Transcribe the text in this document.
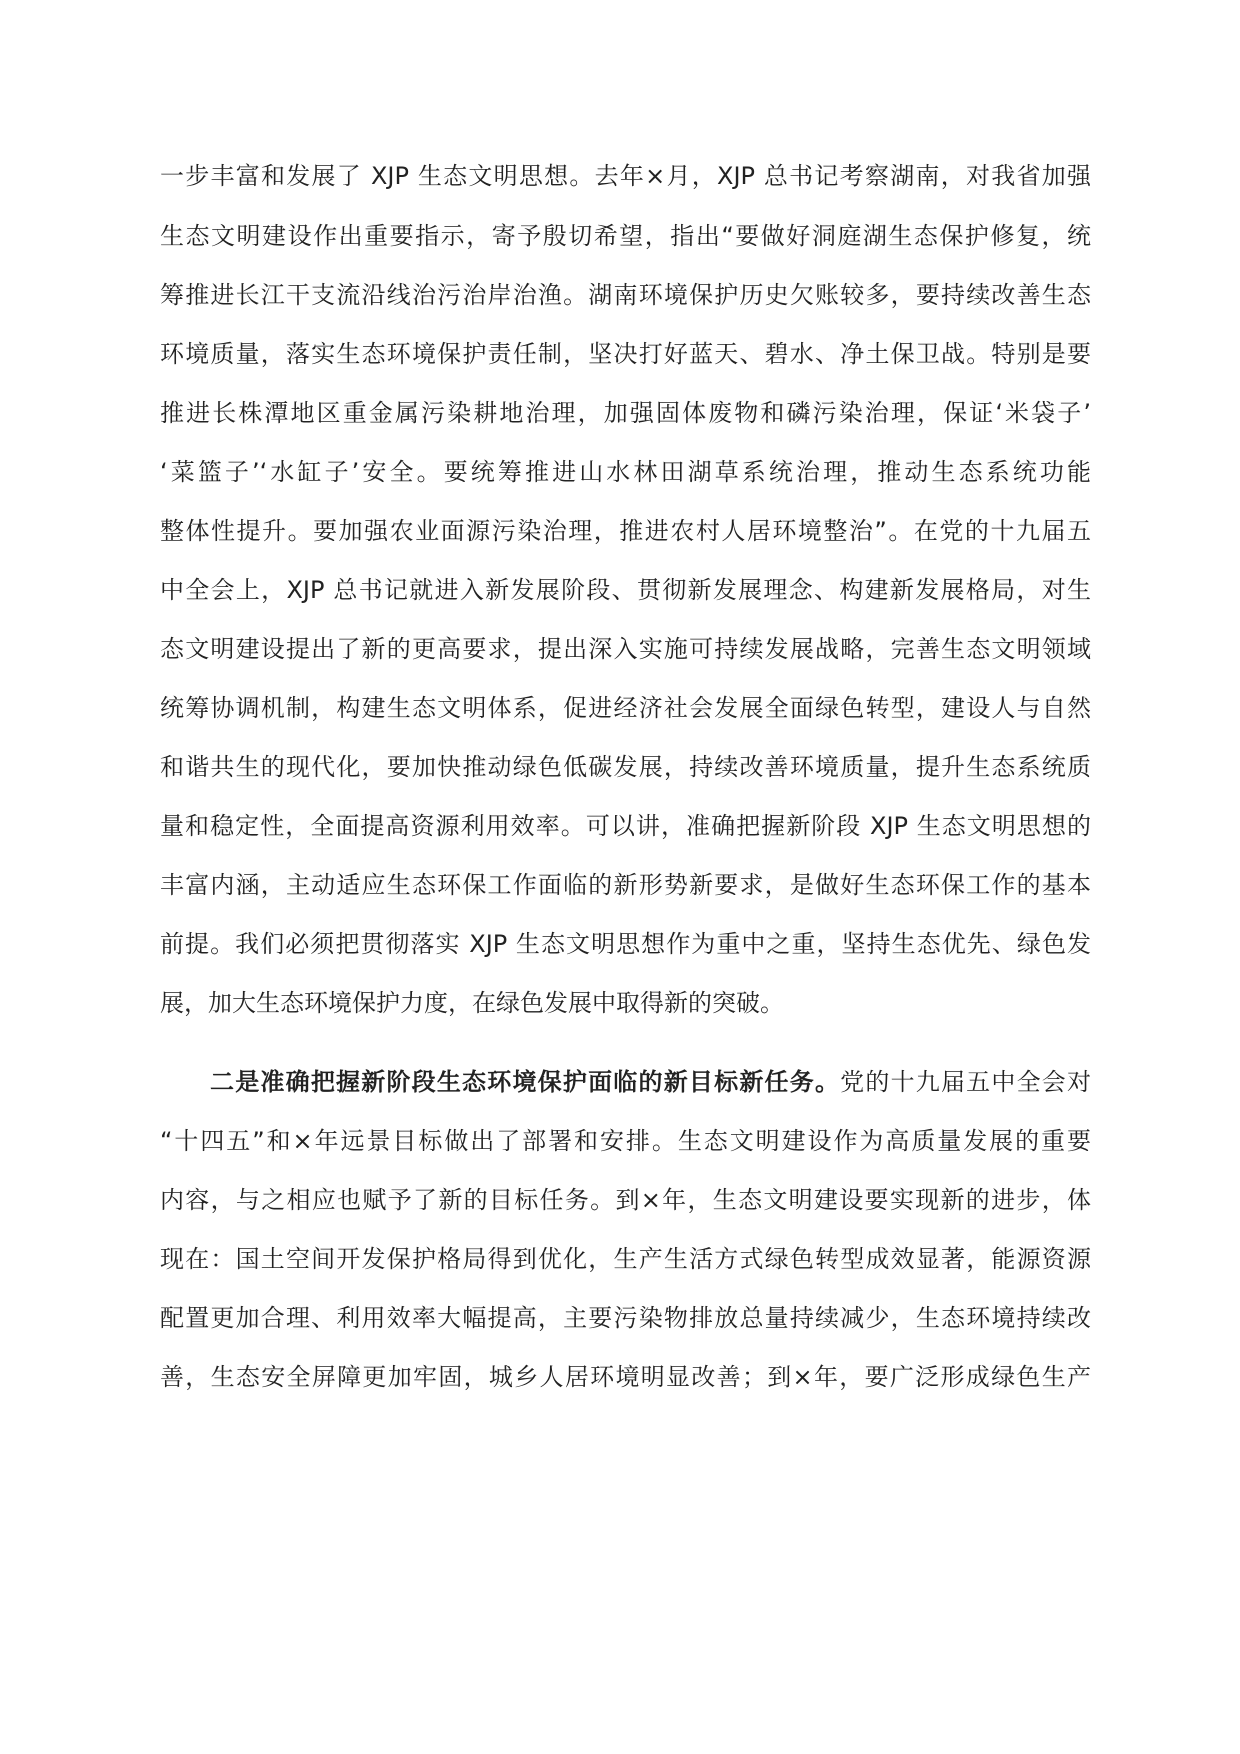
一步丰富和发展了 XJP 生态文明思想。去年×月，XJP 总书记考察湖南，对我省加强
生态文明建设作出重要指示，寄予殷切希望，指出“要做好洞庭湖生态保护修复，统
筹推进长江干支流沿线治污治岸治渔。湖南环境保护历史欠账较多，要持续改善生态
环境质量，落实生态环境保护责任制，坚决打好蓝天、碧水、净土保卫战。特别是要
推进长株潭地区重金属污染耕地治理，加强固体废物和磷污染治理，保证‘米袋子’
‘菜篮子’‘水缸子’安全。要统筹推进山水林田湖草系统治理，推动生态系统功能
整体性提升。要加强农业面源污染治理，推进农村人居环境整治”。在党的十九届五
中全会上，XJP 总书记就进入新发展阶段、贯彻新发展理念、构建新发展格局，对生
态文明建设提出了新的更高要求，提出深入实施可持续发展战略，完善生态文明领域
统筹协调机制，构建生态文明体系，促进经济社会发展全面绿色转型，建设人与自然
和谐共生的现代化，要加快推动绿色低碳发展，持续改善环境质量，提升生态系统质
量和稳定性，全面提高资源利用效率。可以讲，准确把握新阶段 XJP 生态文明思想的
丰富内涵，主动适应生态环保工作面临的新形势新要求，是做好生态环保工作的基本
前提。我们必须把贯彻落实 XJP 生态文明思想作为重中之重，坚持生态优先、绿色发
展，加大生态环境保护力度，在绿色发展中取得新的突破。
二是准确把握新阶段生态环境保护面临的新目标新任务。党的十九届五中全会对
“十四五”和×年远景目标做出了部署和安排。生态文明建设作为高质量发展的重要
内容，与之相应也赋予了新的目标任务。到×年，生态文明建设要实现新的进步，体
现在：国土空间开发保护格局得到优化，生产生活方式绿色转型成效显著，能源资源
配置更加合理、利用效率大幅提高，主要污染物排放总量持续减少，生态环境持续改
善，生态安全屏障更加牢固，城乡人居环境明显改善；到×年，要广泛形成绿色生产
